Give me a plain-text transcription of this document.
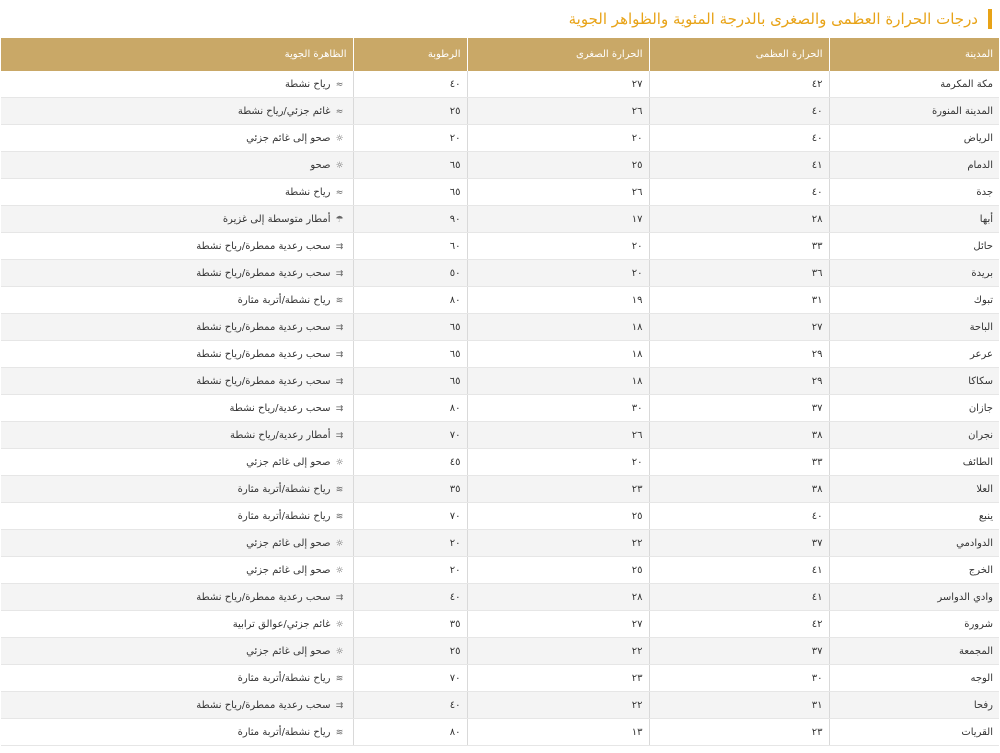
درجات الحرارة العظمى والصغرى بالدرجة المئوية والظواهر الجوية
المدينة	الحرارة العظمى	الحرارة الصغرى	الرطوبة	الظاهرة الجوية
مكة المكرمة	٤٢	٢٧	٤٠	≈رياح نشطة
المدينة المنورة	٤٠	٢٦	٢٥	≈غائم جزئي/رياح نشطة
الرياض	٤٠	٢٠	٢٠	☼صحو إلى غائم جزئي
الدمام	٤١	٢٥	٦٥	☼صحو
جدة	٤٠	٢٦	٦٥	≈رياح نشطة
أبها	٢٨	١٧	٩٠	☂أمطار متوسطة إلى غزيرة
حائل	٣٣	٢٠	٦٠	⇉سحب رعدية ممطرة/رياح نشطة
بريدة	٣٦	٢٠	٥٠	⇉سحب رعدية ممطرة/رياح نشطة
تبوك	٣١	١٩	٨٠	≋رياح نشطة/أتربة مثارة
الباحة	٢٧	١٨	٦٥	⇉سحب رعدية ممطرة/رياح نشطة
عرعر	٢٩	١٨	٦٥	⇉سحب رعدية ممطرة/رياح نشطة
سكاكا	٢٩	١٨	٦٥	⇉سحب رعدية ممطرة/رياح نشطة
جازان	٣٧	٣٠	٨٠	⇉سحب رعدية/رياح نشطة
نجران	٣٨	٢٦	٧٠	⇉أمطار رعدية/رياح نشطة
الطائف	٣٣	٢٠	٤٥	☼صحو إلى غائم جزئي
العلا	٣٨	٢٣	٣٥	≋رياح نشطة/أتربة مثارة
ينبع	٤٠	٢٥	٧٠	≋رياح نشطة/أتربة مثارة
الدوادمي	٣٧	٢٢	٢٠	☼صحو إلى غائم جزئي
الخرج	٤١	٢٥	٢٠	☼صحو إلى غائم جزئي
وادي الدواسر	٤١	٢٨	٤٠	⇉سحب رعدية ممطرة/رياح نشطة
شرورة	٤٢	٢٧	٣٥	☼غائم جزئي/عوالق ترابية
المجمعة	٣٧	٢٢	٢٥	☼صحو إلى غائم جزئي
الوجه	٣٠	٢٣	٧٠	≋رياح نشطة/أتربة مثارة
رفحا	٣١	٢٢	٤٠	⇉سحب رعدية ممطرة/رياح نشطة
القريات	٢٣	١٣	٨٠	≋رياح نشطة/أتربة مثارة
